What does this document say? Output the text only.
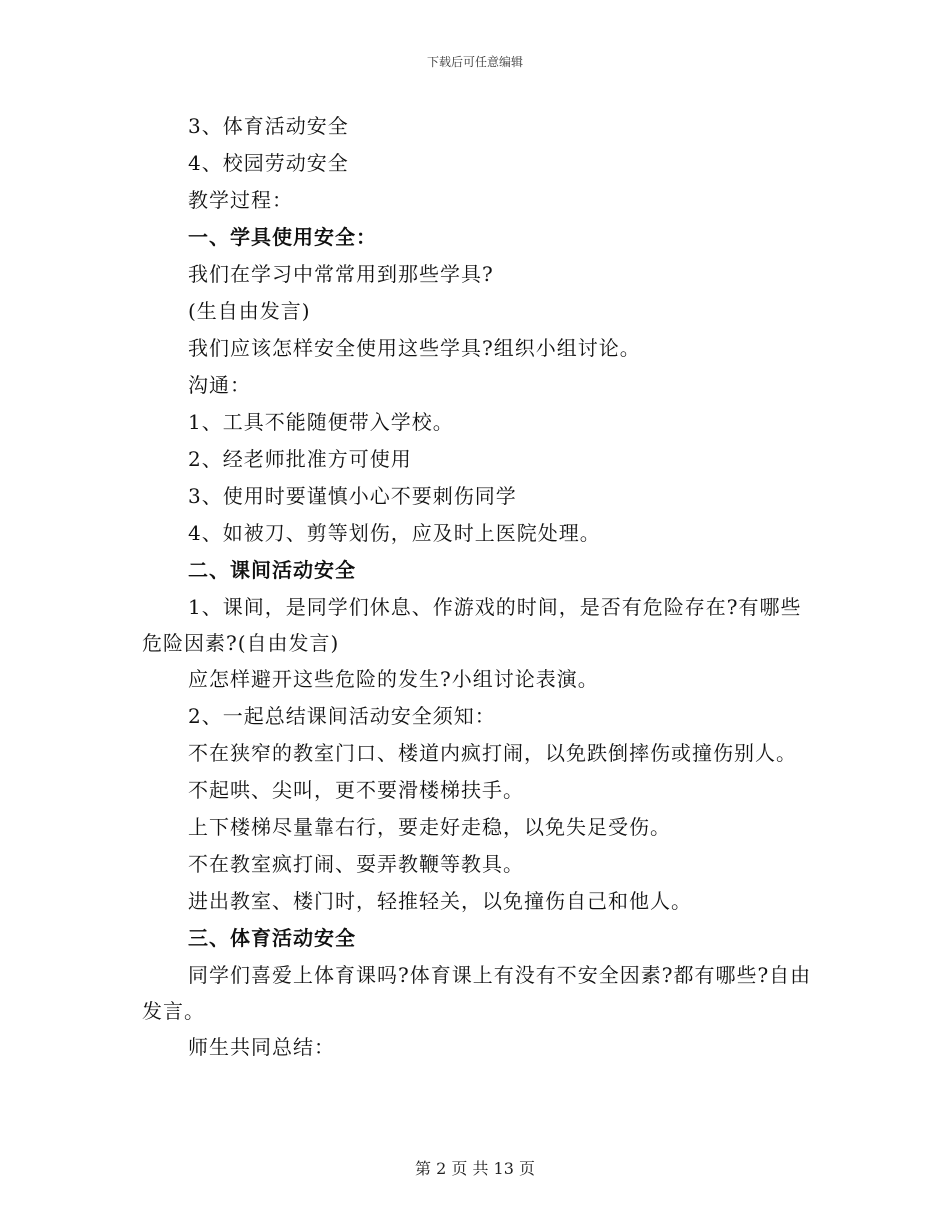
下载后可任意编辑
3、体育活动安全
4、校园劳动安全
教学过程：
一、学具使用安全：
我们在学习中常常用到那些学具?
(生自由发言)
我们应该怎样安全使用这些学具?组织小组讨论。
沟通：
1、工具不能随便带入学校。
2、经老师批准方可使用
3、使用时要谨慎小心不要刺伤同学
4、如被刀、剪等划伤，应及时上医院处理。
二、课间活动安全
1、课间，是同学们休息、作游戏的时间，是否有危险存在?有哪些危险因素?(自由发言)
应怎样避开这些危险的发生?小组讨论表演。
2、一起总结课间活动安全须知：
不在狭窄的教室门口、楼道内疯打闹，以免跌倒摔伤或撞伤别人。
不起哄、尖叫，更不要滑楼梯扶手。
上下楼梯尽量靠右行，要走好走稳，以免失足受伤。
不在教室疯打闹、耍弄教鞭等教具。
进出教室、楼门时，轻推轻关，以免撞伤自己和他人。
三、体育活动安全
同学们喜爱上体育课吗?体育课上有没有不安全因素?都有哪些?自由发言。
师生共同总结：
第 2 页 共 13 页
